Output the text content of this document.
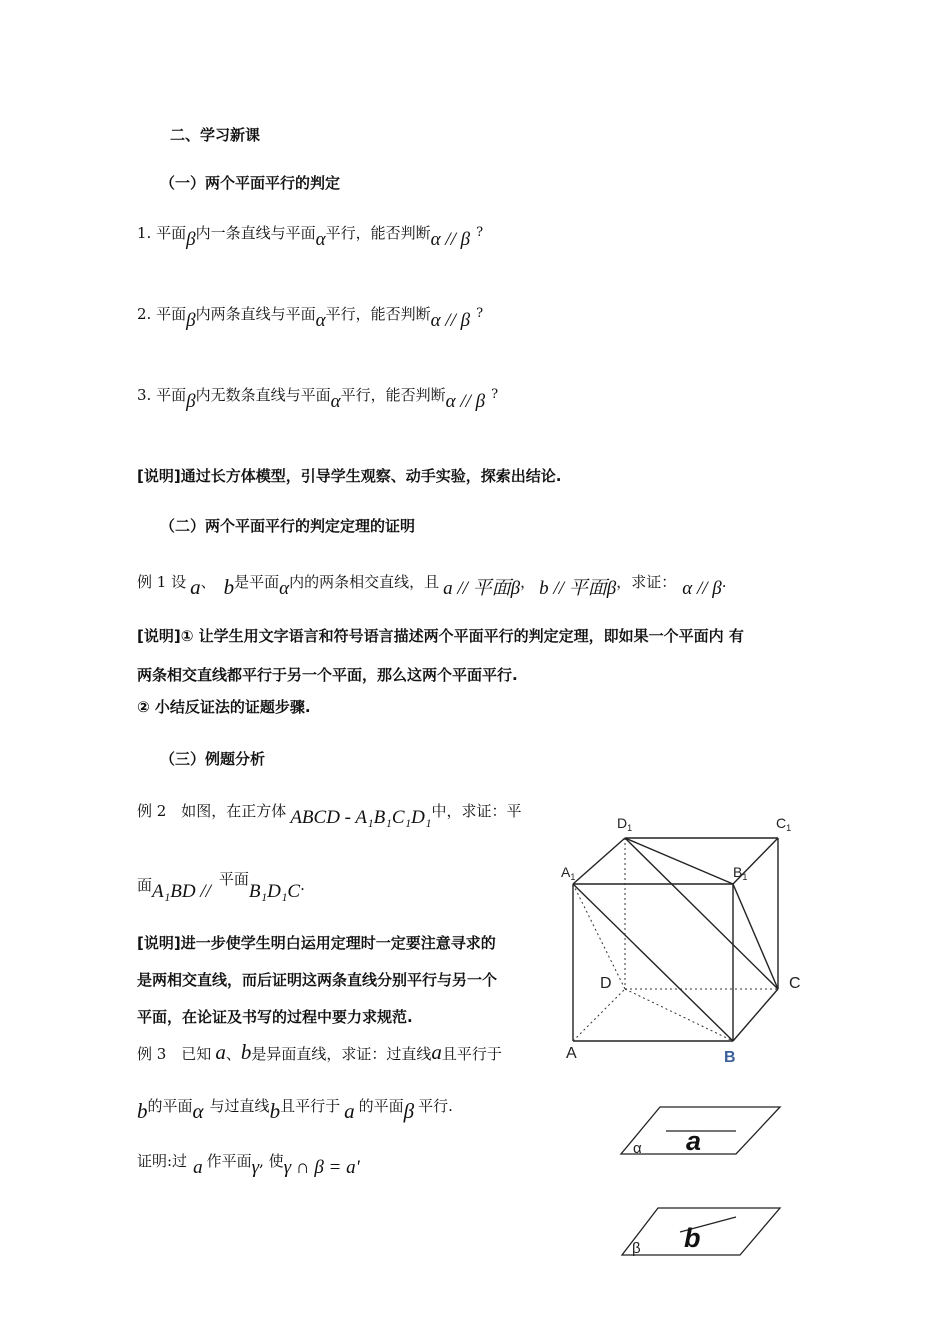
二、学习新课
（一）两个平面平行的判定
1. 平面β内一条直线与平面α平行，能否判断α // β ?
2. 平面β内两条直线与平面α平行，能否判断α // β ?
3. 平面β内无数条直线与平面α平行，能否判断α // β ?
[说明]通过长方体模型，引导学生观察、动手实验，探索出结论.
（二）两个平面平行的判定定理的证明
例 1 设 a、 b是平面α内的两条相交直线，且 a // 平面β， b // 平面β，求证： α // β.
[说明]① 让学生用文字语言和符号语言描述两个平面平行的判定定理，即如果一个平面内 有
两条相交直线都平行于另一个平面，那么这两个平面平行.
② 小结反证法的证题步骤.
（三）例题分析
例 2　如图，在正方体 ABCD - A₁B₁C₁D₁中，求证：平
面A₁BD //平面B₁D₁C.
[说明]进一步使学生明白运用定理时一定要注意寻求的
是两相交直线，而后证明这两条直线分别平行与另一个
平面，在论证及书写的过程中要力求规范.
例 3　已知 a、b是异面直线，求证：过直线a且平行于
b的平面α 与过直线b且平行于 a 的平面β 平行.
证明:过 a 作平面γ, 使γ ∩ β = a'
$D_1$	$C_1$
$A_1$	$B_1$
D	C
A	B
α a
β b
